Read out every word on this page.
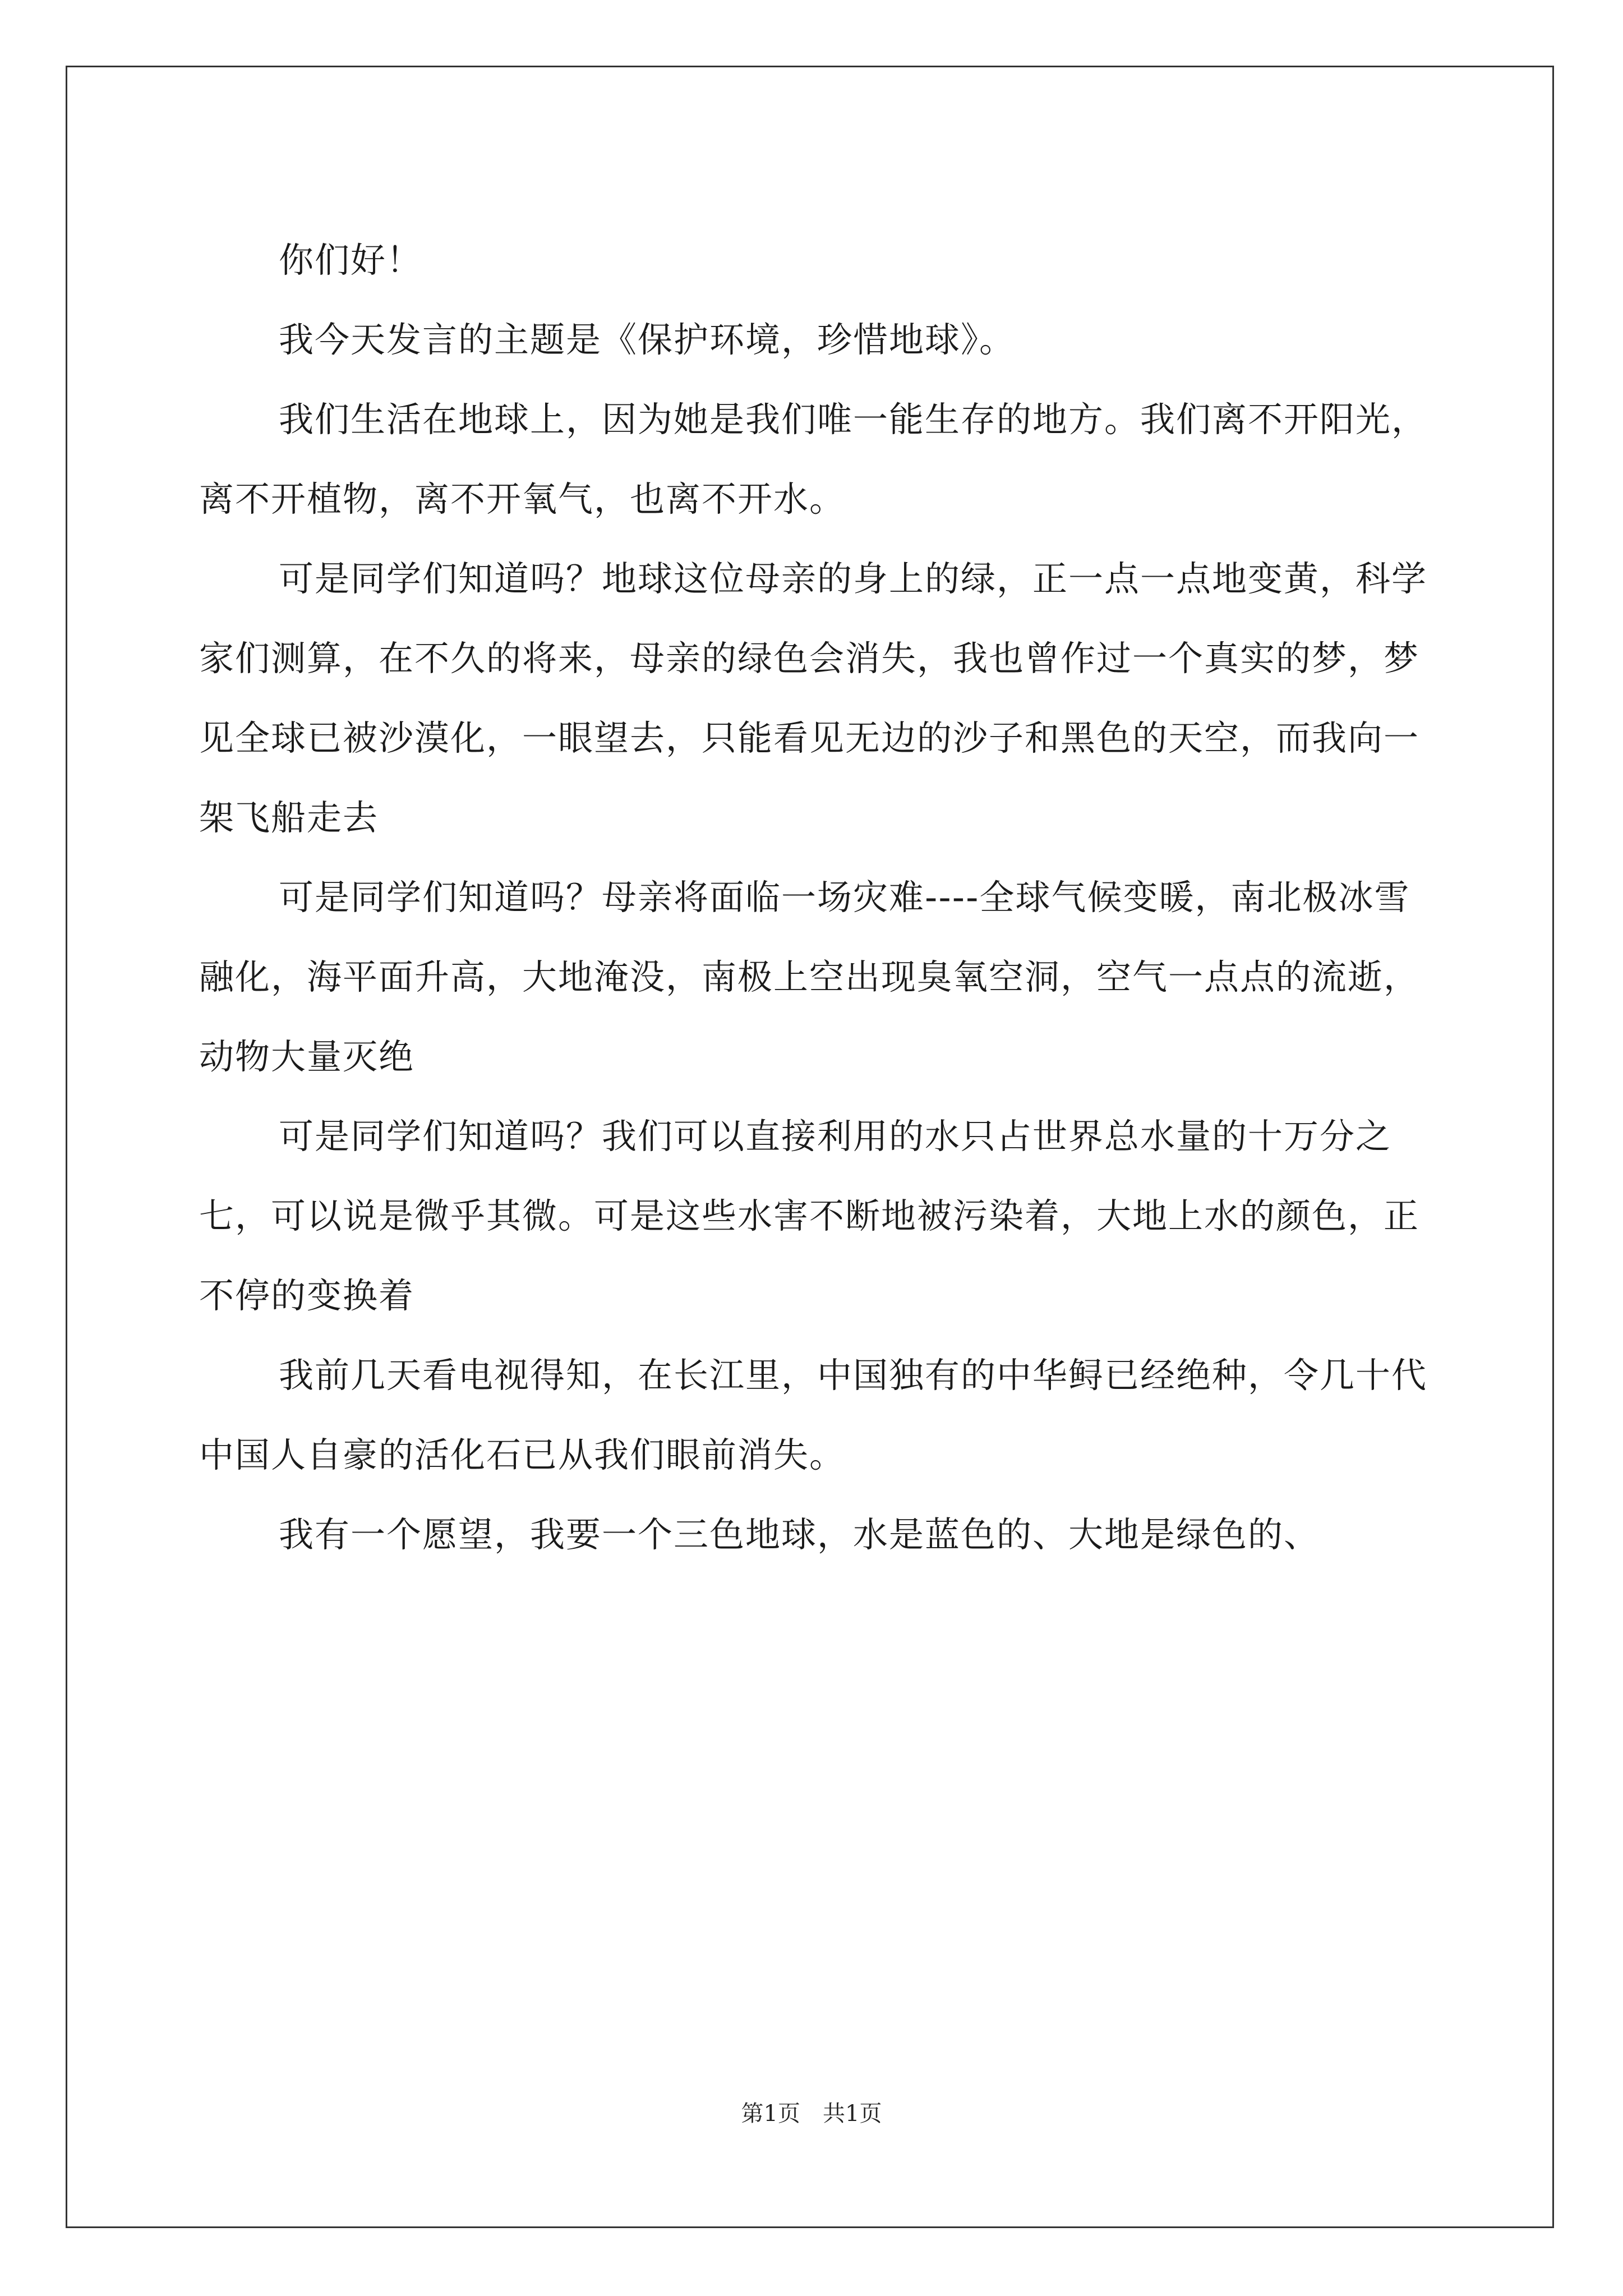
你们好！

我今天发言的主题是《保护环境，珍惜地球》。

我们生活在地球上，因为她是我们唯一能生存的地方。我们离不开阳光，离不开植物，离不开氧气，也离不开水。

可是同学们知道吗？地球这位母亲的身上的绿，正一点一点地变黄，科学家们测算，在不久的将来，母亲的绿色会消失，我也曾作过一个真实的梦，梦见全球已被沙漠化，一眼望去，只能看见无边的沙子和黑色的天空，而我向一架飞船走去

可是同学们知道吗？母亲将面临一场灾难----全球气候变暖，南北极冰雪融化，海平面升高，大地淹没，南极上空出现臭氧空洞，空气一点点的流逝，动物大量灭绝

可是同学们知道吗？我们可以直接利用的水只占世界总水量的十万分之七，可以说是微乎其微。可是这些水害不断地被污染着，大地上水的颜色，正不停的变换着

我前几天看电视得知，在长江里，中国独有的中华鲟已经绝种，令几十代中国人自豪的活化石已从我们眼前消失。

我有一个愿望，我要一个三色地球，水是蓝色的、大地是绿色的、

第1页　共1页
